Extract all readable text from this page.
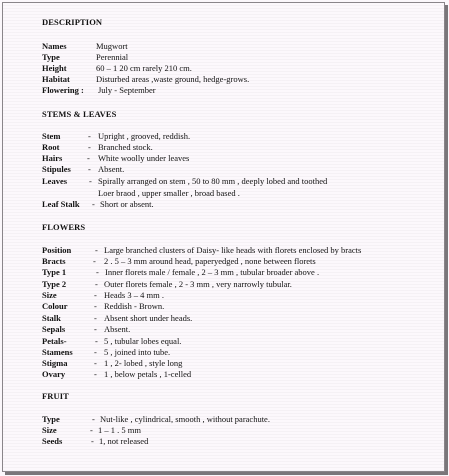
DESCRIPTION
Names	Mugwort
Type	Perennial
Height	60 – 1 20 cm rarely 210 cm.
Habitat	Disturbed areas ,waste ground, hedge-grows.
Flowering : July - September
STEMS & LEAVES
Stem	- Upright , grooved, reddish.
Root	- Branched stock.
Hairs	- White woolly under leaves
Stipules - Absent.
Leaves	- Spirally arranged on stem , 50 to 80 mm , deeply lobed and toothed
Loer braod , upper smaller , broad based .
Leaf Stalk - Short or absent.
FLOWERS
Position	- Large branched clusters of Daisy- like heads with florets enclosed by bracts
Bracts	- 2 . 5 – 3 mm around head, paperyedged , none between florets
Type 1	- Inner florets male / female , 2 – 3 mm , tubular broader above .
Type 2	- Outer florets female , 2 - 3 mm , very narrowly tubular.
Size	- Heads 3 – 4 mm .
Colour	- Reddish - Brown.
Stalk	- Absent short under heads.
Sepals	- Absent.
Petals-	- 5 , tubular lobes equal.
Stamens	- 5 , joined into tube.
Stigma	- 1 , 2- lobed , style long
Ovary	- 1 , below petals , 1-celled
FRUIT
Type	- Nut-like , cylindrical, smooth , without parachute.
Size	- 1 – 1 . 5 mm
Seeds	- 1, not released
